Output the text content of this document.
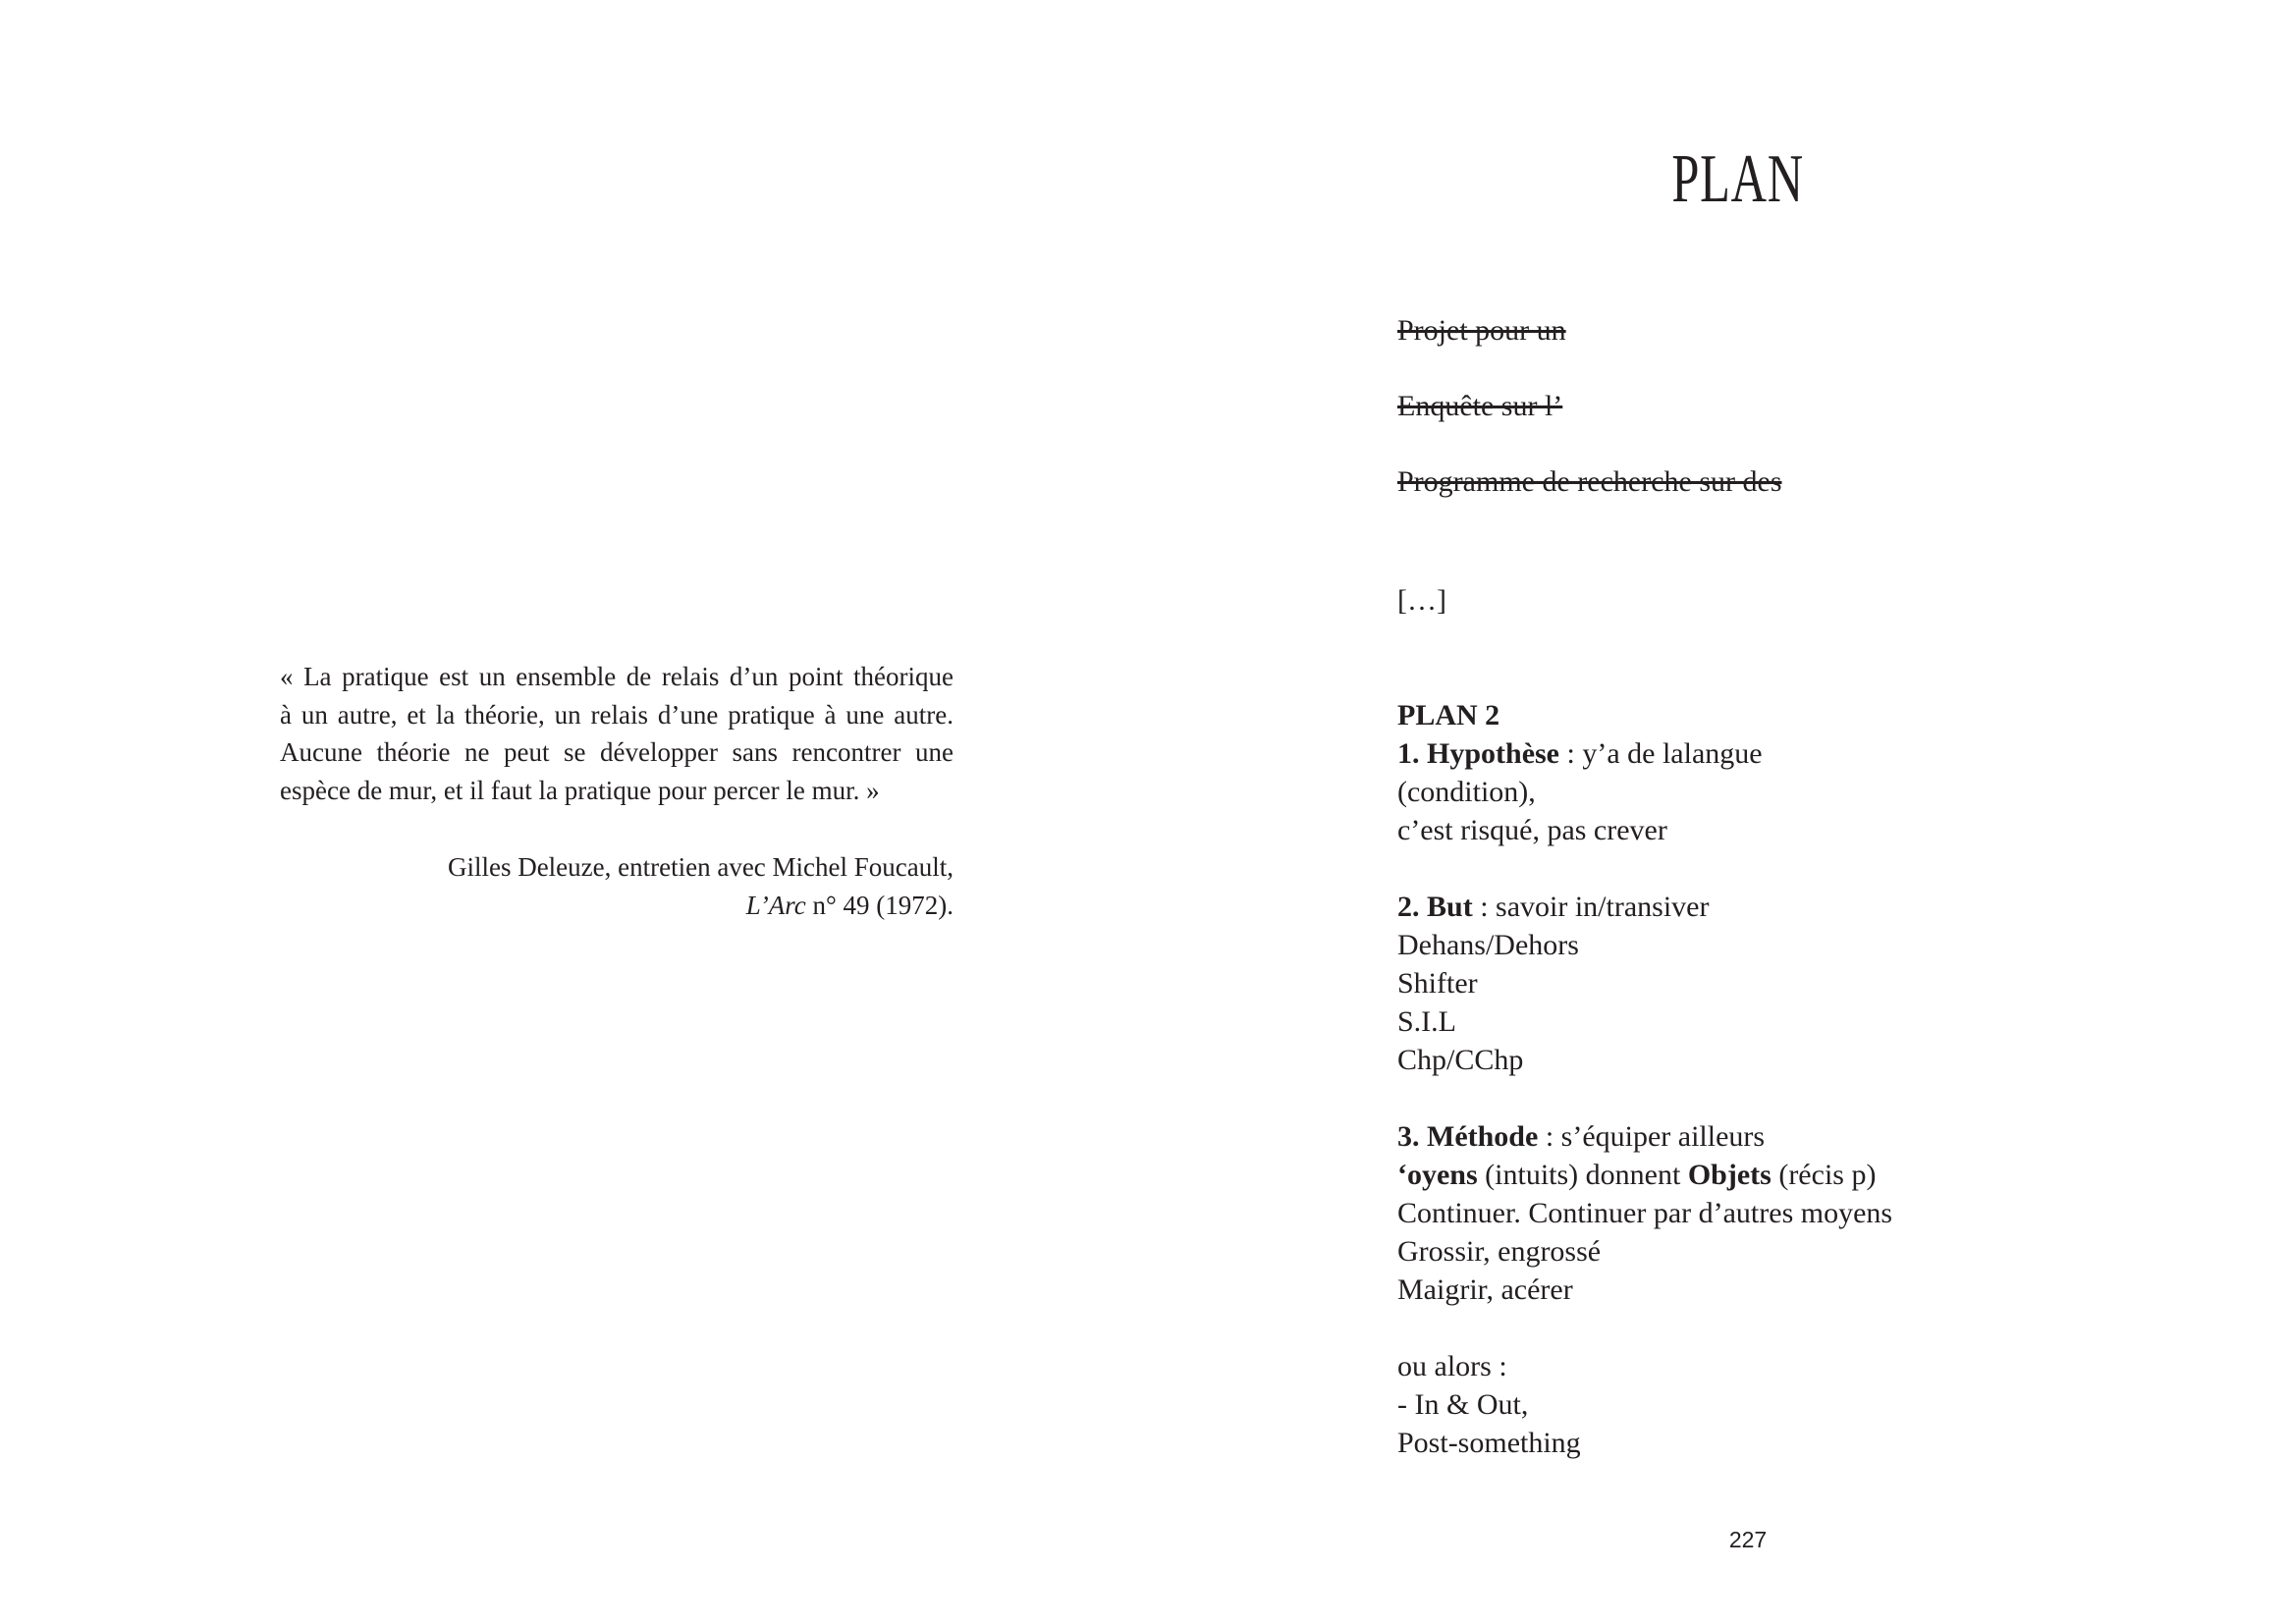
« La pratique est un ensemble de relais d’un point théorique
à un autre, et la théorie, un relais d’une pratique à une autre.
Aucune théorie ne peut se développer sans rencontrer une
espèce de mur, et il faut la pratique pour percer le mur. »
Gilles Deleuze, entretien avec Michel Foucault,
L’Arc n° 49 (1972).
PLAN
Projet pour un
Enquête sur l’
Programme de recherche sur des
[…]
PLAN 2
1. Hypothèse : y’a de lalangue
(condition),
c’est risqué, pas crever
2. But : savoir in/transiver
Dehans/Dehors
Shifter
S.I.L
Chp/CChp
3. Méthode : s’équiper ailleurs
‘oyens (intuits) donnent Objets (récis p)
Continuer. Continuer par d’autres moyens
Grossir, engrossé
Maigrir, acérer
ou alors :
- In & Out,
Post-something
227
